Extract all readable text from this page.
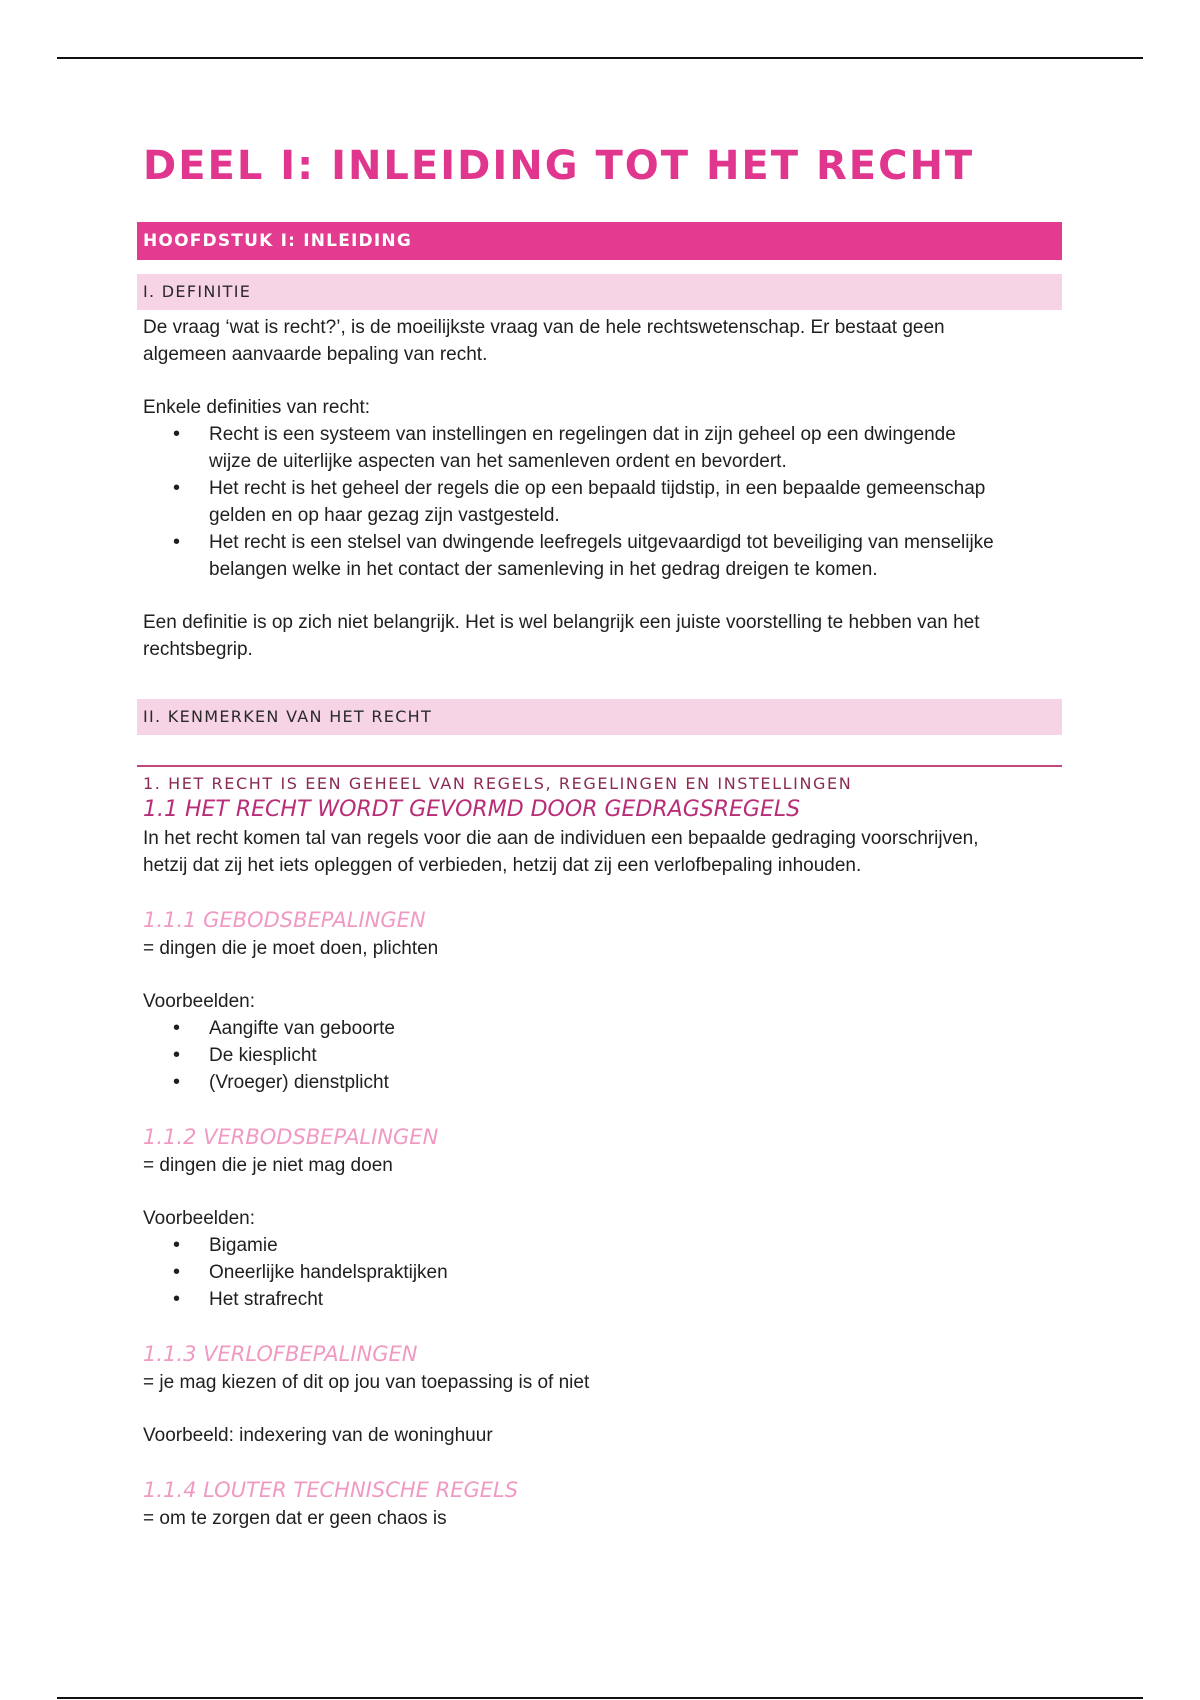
DEEL I: INLEIDING TOT HET RECHT
HOOFDSTUK I: INLEIDING
I. DEFINITIE

De vraag ‘wat is recht?’, is de moeilijkste vraag van de hele rechtswetenschap. Er bestaat geen
algemeen aanvaarde bepaling van recht.

Enkele definities van recht:

• Recht is een systeem van instellingen en regelingen dat in zijn geheel op een dwingende
wijze de uiterlijke aspecten van het samenleven ordent en bevordert.
• Het recht is het geheel der regels die op een bepaald tijdstip, in een bepaalde gemeenschap
gelden en op haar gezag zijn vastgesteld.
• Het recht is een stelsel van dwingende leefregels uitgevaardigd tot beveiliging van menselijke
belangen welke in het contact der samenleving in het gedrag dreigen te komen.

Een definitie is op zich niet belangrijk. Het is wel belangrijk een juiste voorstelling te hebben van het
rechtsbegrip.

II. KENMERKEN VAN HET RECHT
1. HET RECHT IS EEN GEHEEL VAN REGELS, REGELINGEN EN INSTELLINGEN
1.1 HET RECHT WORDT GEVORMD DOOR GEDRAGSREGELS

In het recht komen tal van regels voor die aan de individuen een bepaalde gedraging voorschrijven,
hetzij dat zij het iets opleggen of verbieden, hetzij dat zij een verlofbepaling inhouden.

1.1.1 GEBODSBEPALINGEN

= dingen die je moet doen, plichten

Voorbeelden:

• Aangifte van geboorte
• De kiesplicht
• (Vroeger) dienstplicht
1.1.2 VERBODSBEPALINGEN

= dingen die je niet mag doen

Voorbeelden:

• Bigamie
• Oneerlijke handelspraktijken
• Het strafrecht
1.1.3 VERLOFBEPALINGEN

= je mag kiezen of dit op jou van toepassing is of niet

Voorbeeld: indexering van de woninghuur

1.1.4 LOUTER TECHNISCHE REGELS

= om te zorgen dat er geen chaos is
